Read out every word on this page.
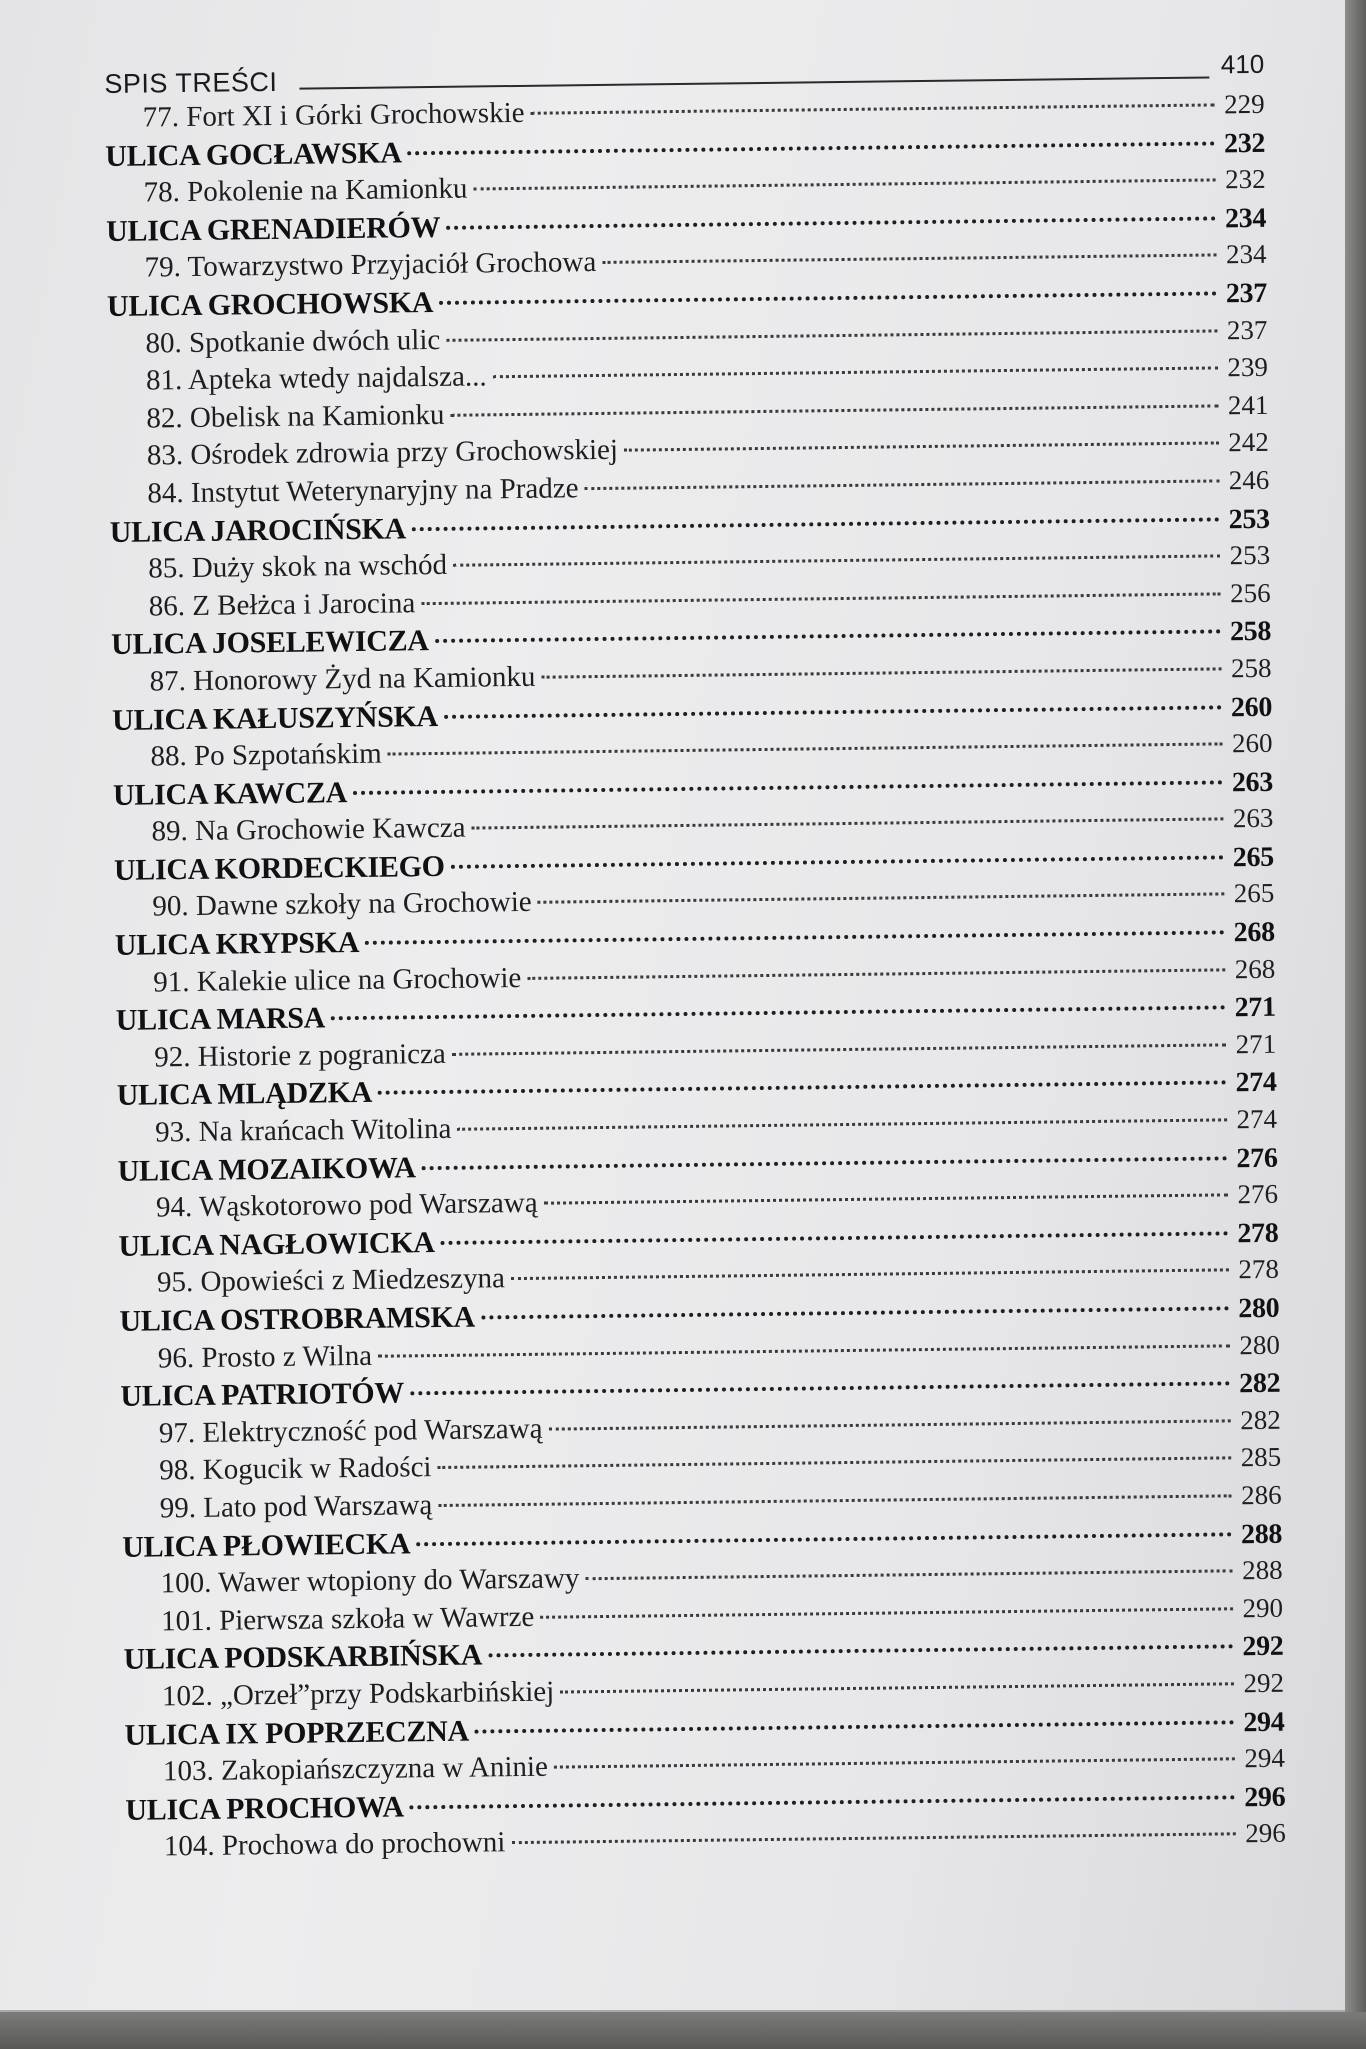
SPIS TREŚCI
410
77. Fort XI i Górki Grochowskie	229
ULICA GOCŁAWSKA	232
78. Pokolenie na Kamionku	232
ULICA GRENADIERÓW	234
79. Towarzystwo Przyjaciół Grochowa	234
ULICA GROCHOWSKA	237
80. Spotkanie dwóch ulic	237
81. Apteka wtedy najdalsza...	239
82. Obelisk na Kamionku	241
83. Ośrodek zdrowia przy Grochowskiej	242
84. Instytut Weterynaryjny na Pradze	246
ULICA JAROCIŃSKA	253
85. Duży skok na wschód	253
86. Z Bełżca i Jarocina	256
ULICA JOSELEWICZA	258
87. Honorowy Żyd na Kamionku	258
ULICA KAŁUSZYŃSKA	260
88. Po Szpotańskim	260
ULICA KAWCZA	263
89. Na Grochowie Kawcza	263
ULICA KORDECKIEGO	265
90. Dawne szkoły na Grochowie	265
ULICA KRYPSKA	268
91. Kalekie ulice na Grochowie	268
ULICA MARSA	271
92. Historie z pogranicza	271
ULICA MLĄDZKA	274
93. Na krańcach Witolina	274
ULICA MOZAIKOWA	276
94. Wąskotorowo pod Warszawą	276
ULICA NAGŁOWICKA	278
95. Opowieści z Miedzeszyna	278
ULICA OSTROBRAMSKA	280
96. Prosto z Wilna	280
ULICA PATRIOTÓW	282
97. Elektryczność pod Warszawą	282
98. Kogucik w Radości	285
99. Lato pod Warszawą	286
ULICA PŁOWIECKA	288
100. Wawer wtopiony do Warszawy	288
101. Pierwsza szkoła w Wawrze	290
ULICA PODSKARBIŃSKA	292
102. „Orzeł”przy Podskarbińskiej	292
ULICA IX POPRZECZNA	294
103. Zakopiańszczyzna w Aninie	294
ULICA PROCHOWA	296
104. Prochowa do prochowni	296
